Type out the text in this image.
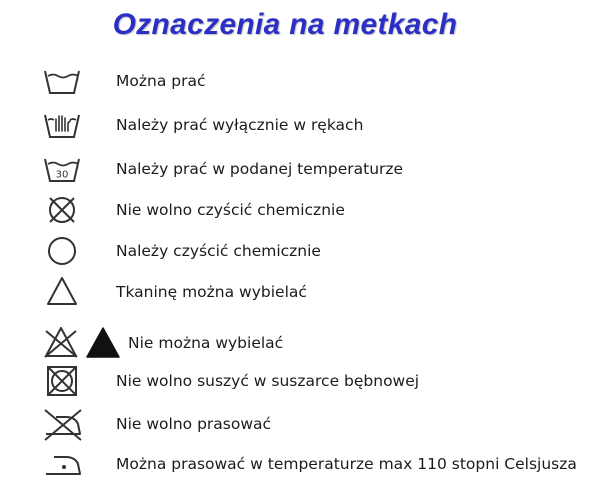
Oznaczenia na metkach
Można prać
Należy prać wyłącznie w rękach
30	Należy prać w podanej temperaturze
Nie wolno czyścić chemicznie
Należy czyścić chemicznie
Tkaninę można wybielać
Nie można wybielać
Nie wolno suszyć w suszarce bębnowej
Nie wolno prasować
Można prasować w temperaturze max 110 stopni Celsjusza
